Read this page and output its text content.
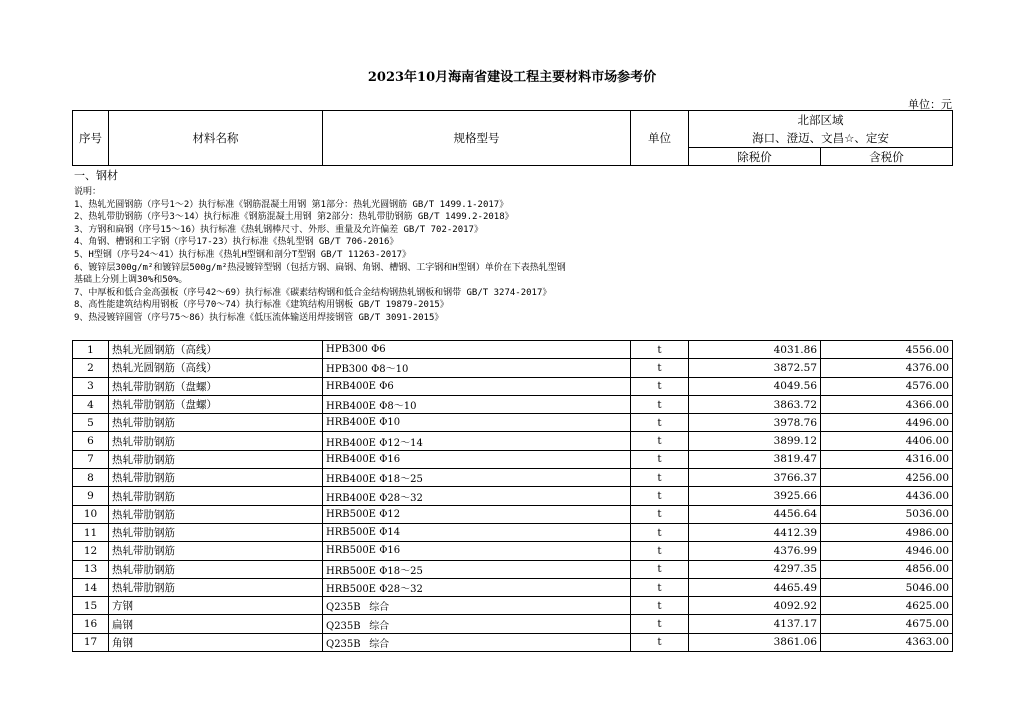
2023年10月海南省建设工程主要材料市场参考价
单位：元
序号	材料名称	规格型号	单位	北部区域	
				海口、澄迈、文昌☆、定安	
				除税价	含税价
一、钢材
说明：
1、热轧光圆钢筋（序号1～2）执行标准《钢筋混凝土用钢 第1部分：热轧光圆钢筋 GB/T 1499.1-2017》
2、热轧带肋钢筋（序号3～14）执行标准《钢筋混凝土用钢 第2部分：热轧带肋钢筋 GB/T 1499.2-2018》
3、方钢和扁钢（序号15～16）执行标准《热轧钢棒尺寸、外形、重量及允许偏差 GB/T 702-2017》
4、角钢、槽钢和工字钢（序号17-23）执行标准《热轧型钢 GB/T 706-2016》
5、H型钢（序号24～41）执行标准《热轧H型钢和剖分T型钢 GB/T 11263-2017》
6、镀锌层300g/m²和镀锌层500g/m²热浸镀锌型钢（包括方钢、扁钢、角钢、槽钢、工字钢和H型钢）单价在下表热轧型钢
基础上分别上调30%和50%。
7、中厚板和低合金高强板（序号42～69）执行标准《碳素结构钢和低合金结构钢热轧钢板和钢带 GB/T 3274-2017》
8、高性能建筑结构用钢板（序号70～74）执行标准《建筑结构用钢板 GB/T 19879-2015》
9、热浸镀锌圆管（序号75～86）执行标准《低压流体输送用焊接钢管 GB/T 3091-2015》
1	热轧光圆钢筋（高线）	HPB300 Φ6	t	4031.86	4556.00
2	热轧光圆钢筋（高线）	HPB300 Φ8～10	t	3872.57	4376.00
3	热轧带肋钢筋（盘螺）	HRB400E Φ6	t	4049.56	4576.00
4	热轧带肋钢筋（盘螺）	HRB400E Φ8～10	t	3863.72	4366.00
5	热轧带肋钢筋	HRB400E Φ10	t	3978.76	4496.00
6	热轧带肋钢筋	HRB400E Φ12～14	t	3899.12	4406.00
7	热轧带肋钢筋	HRB400E Φ16	t	3819.47	4316.00
8	热轧带肋钢筋	HRB400E Φ18～25	t	3766.37	4256.00
9	热轧带肋钢筋	HRB400E Φ28～32	t	3925.66	4436.00
10	热轧带肋钢筋	HRB500E Φ12	t	4456.64	5036.00
11	热轧带肋钢筋	HRB500E Φ14	t	4412.39	4986.00
12	热轧带肋钢筋	HRB500E Φ16	t	4376.99	4946.00
13	热轧带肋钢筋	HRB500E Φ18～25	t	4297.35	4856.00
14	热轧带肋钢筋	HRB500E Φ28～32	t	4465.49	5046.00
15	方钢	Q235B 综合	t	4092.92	4625.00
16	扁钢	Q235B 综合	t	4137.17	4675.00
17	角钢	Q235B 综合	t	3861.06	4363.00
